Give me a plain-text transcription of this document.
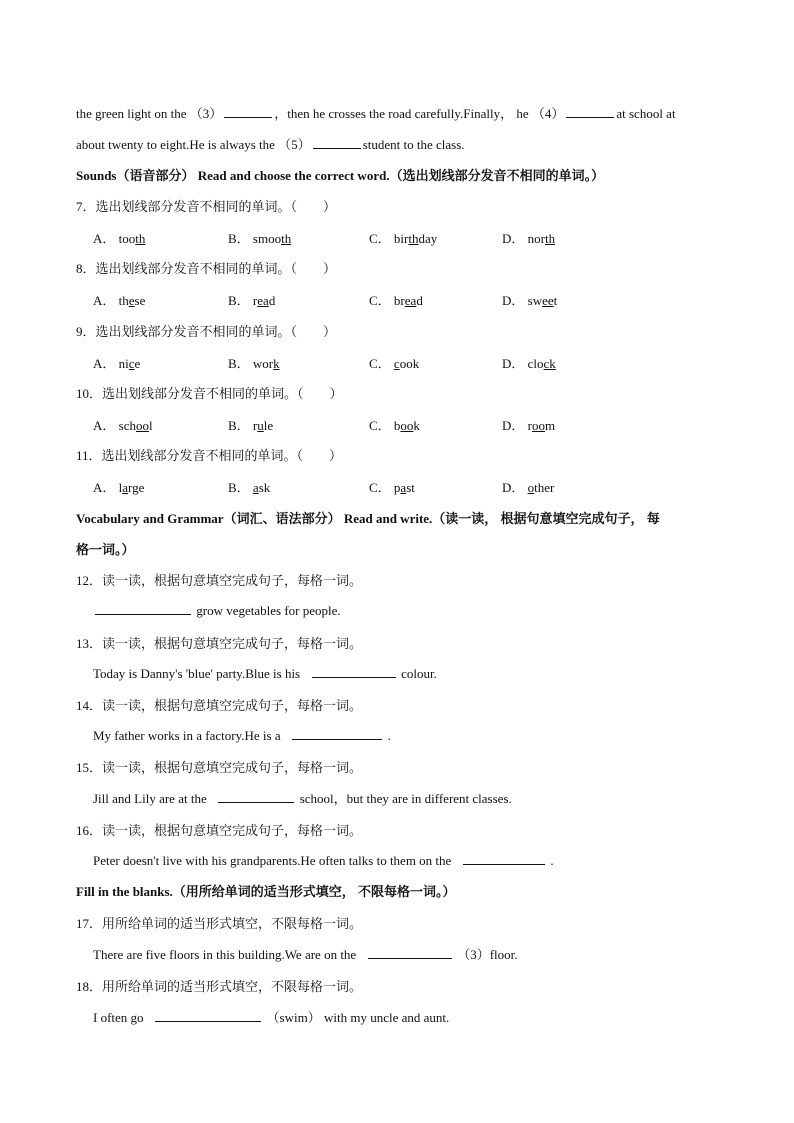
the green light on the （3）	，then he crosses the road carefully.Finally， he （4）	at school at
about twenty to eight.He is always the （5）	student to the class.
Sounds（语音部分） Read and choose the correct word.（选出划线部分发音不相同的单词。）
7．选出划线部分发音不相同的单词。（　　）
A． tooth	B． smooth	C． birthday	D． north
8．选出划线部分发音不相同的单词。（　　）
A． these	B． read	C． bread	D． sweet
9．选出划线部分发音不相同的单词。（　　）
A． nice	B． work	C． cook	D． clock
10．选出划线部分发音不相同的单词。（　　）
A． school	B． rule	C． book	D． room
11．选出划线部分发音不相同的单词。（　　）
A． large	B． ask	C． past	D． other
Vocabulary and Grammar（词汇、语法部分） Read and write.（读一读， 根据句意填空完成句子， 每
格一词。）
12．读一读，根据句意填空完成句子，每格一词。
grow vegetables for people.
13．读一读，根据句意填空完成句子，每格一词。
Today is Danny's 'blue' party.Blue is his	colour.
14．读一读，根据句意填空完成句子，每格一词。
My father works in a factory.He is a	.
15．读一读，根据句意填空完成句子，每格一词。
Jill and Lily are at the	school，but they are in different classes.
16．读一读，根据句意填空完成句子，每格一词。
Peter doesn't live with his grandparents.He often talks to them on the	.
Fill in the blanks.（用所给单词的适当形式填空， 不限每格一词。）
17．用所给单词的适当形式填空，不限每格一词。
There are five floors in this building.We are on the	（3）floor.
18．用所给单词的适当形式填空，不限每格一词。
I often go	（swim） with my uncle and aunt.
